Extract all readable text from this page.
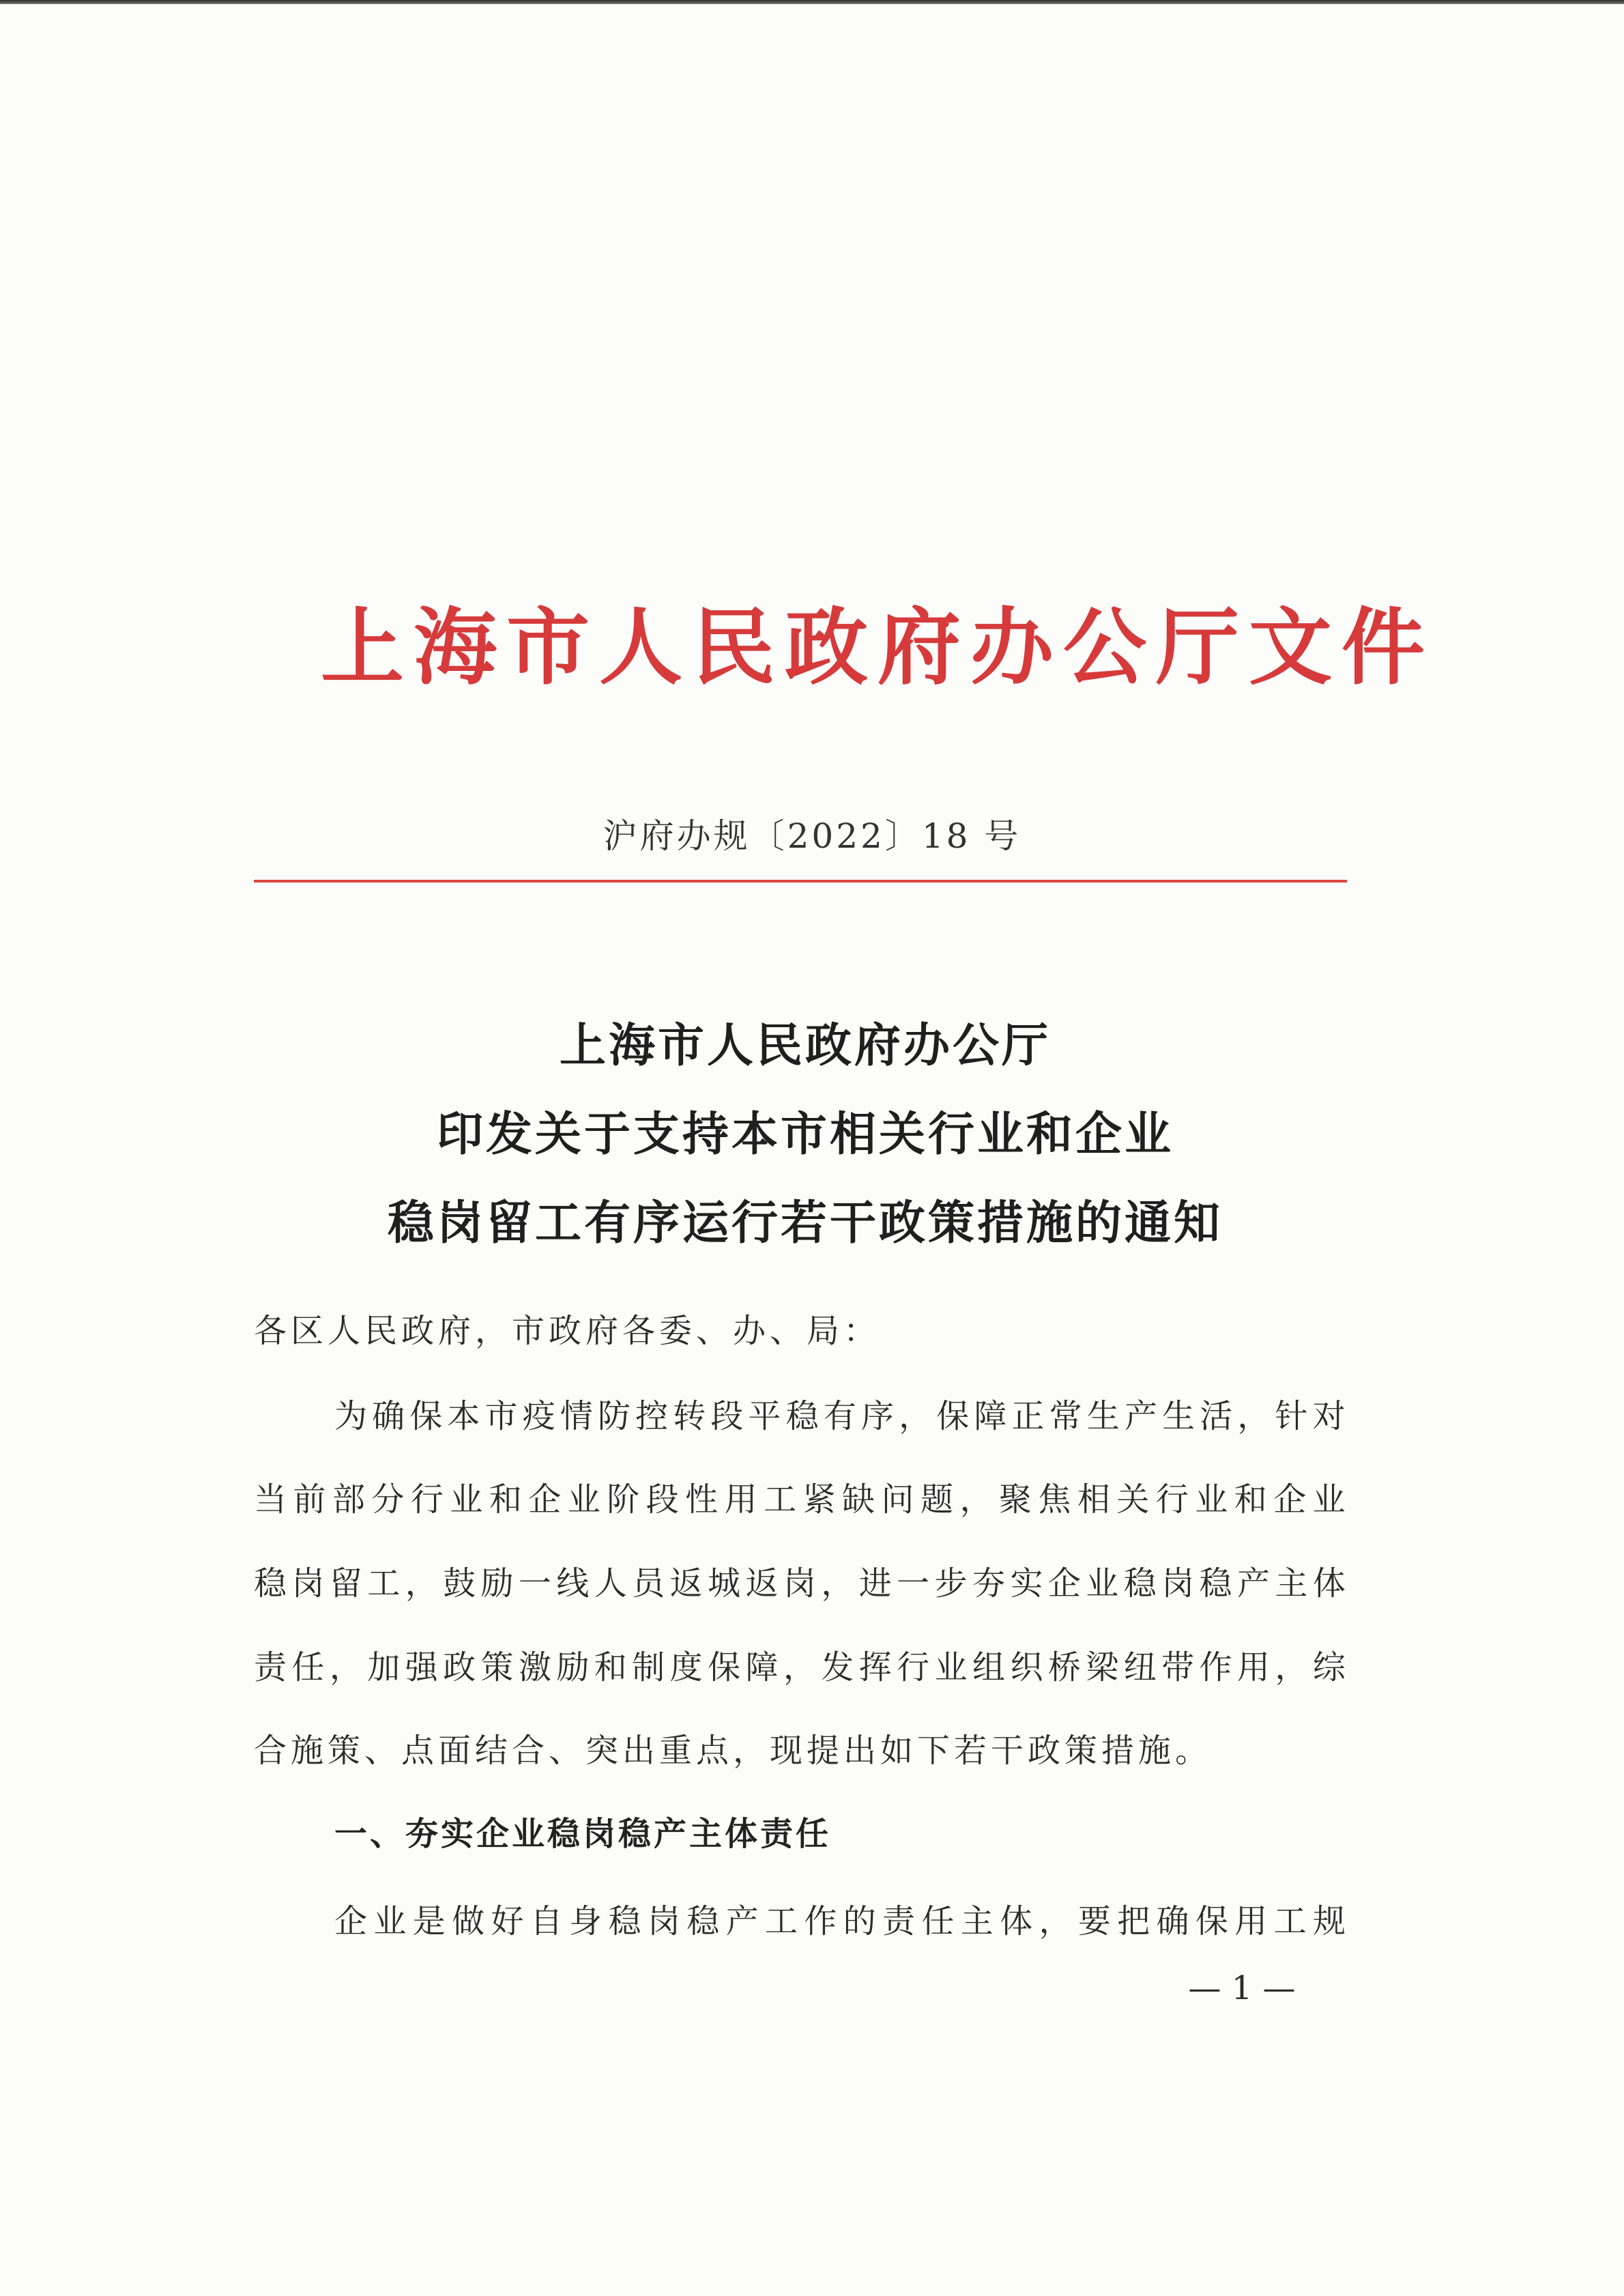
上海市人民政府办公厅文件
沪府办规〔2022〕18 号
上海市人民政府办公厅
印发关于支持本市相关行业和企业
稳岗留工有序运行若干政策措施的通知
各区人民政府，市政府各委、办、局：
为 确 保 本 市 疫 情 防 控 转 段 平 稳 有 序 ， 保 障 正 常 生 产 生 活 ， 针 对
当 前 部 分 行 业 和 企 业 阶 段 性 用 工 紧 缺 问 题 ， 聚 焦 相 关 行 业 和 企 业
稳 岗 留 工 ， 鼓 励 一 线 人 员 返 城 返 岗 ， 进 一 步 夯 实 企 业 稳 岗 稳 产 主 体
责 任 ， 加 强 政 策 激 励 和 制 度 保 障 ， 发 挥 行 业 组 织 桥 梁 纽 带 作 用 ， 综
合施策、点面结合、突出重点，现提出如下若干政策措施。
一、夯实企业稳岗稳产主体责任
企 业 是 做 好 自 身 稳 岗 稳 产 工 作 的 责 任 主 体 ， 要 把 确 保 用 工 规
— 1 —
